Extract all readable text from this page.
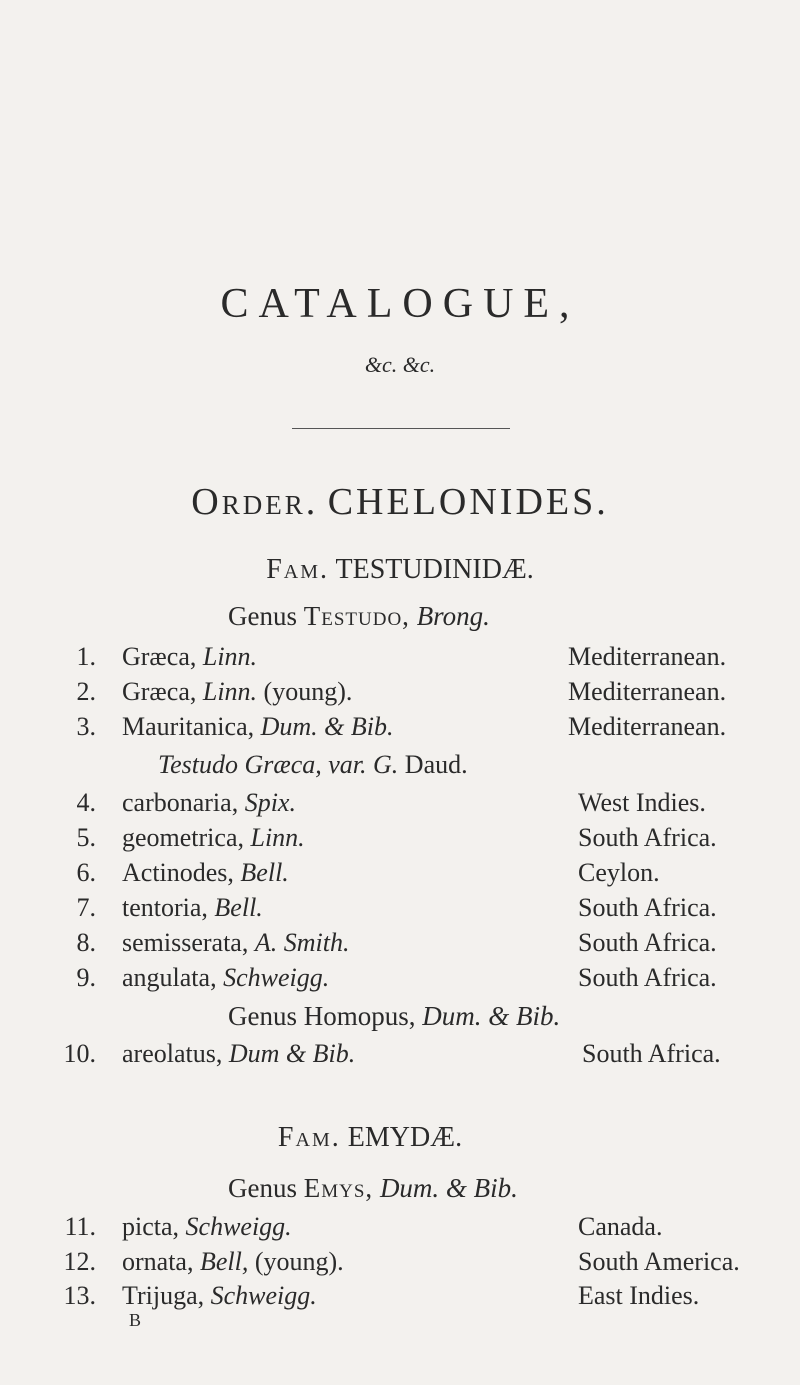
CATALOGUE,
&c. &c.
Order. CHELONIDES.
Fam. TESTUDINIDÆ.
Genus Testudo, Brong.
1. Græca, Linn.	Mediterranean.
2. Græca, Linn. (young).	Mediterranean.
3. Mauritanica, Dum. & Bib.	Mediterranean.
Testudo Græca, var. G. Daud.
4. carbonaria, Spix.	West Indies.
5. geometrica, Linn.	South Africa.
6. Actinodes, Bell.	Ceylon.
7. tentoria, Bell.	South Africa.
8. semisserata, A. Smith.	South Africa.
9. angulata, Schweigg.	South Africa.
Genus Homopus, Dum. & Bib.
10. areolatus, Dum & Bib.	South Africa.
Fam. EMYDÆ.
Genus Emys, Dum. & Bib.
11. picta, Schweigg.	Canada.
12. ornata, Bell, (young).	South America.
13. Trijuga, Schweigg.	East Indies.
B
